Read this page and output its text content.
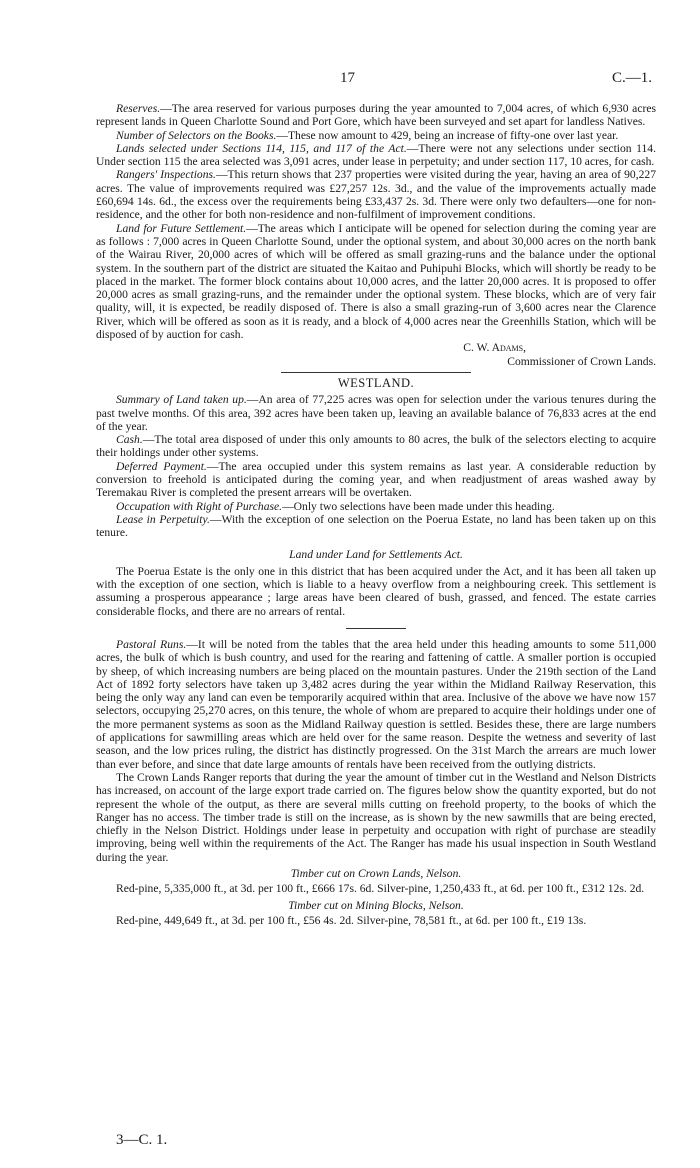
17	C.—1.

Reserves.—The area reserved for various purposes during the year amounted to 7,004 acres, of which 6,930 acres represent lands in Queen Charlotte Sound and Port Gore, which have been surveyed and set apart for landless Natives.

Number of Selectors on the Books.—These now amount to 429, being an increase of fifty-one over last year.

Lands selected under Sections 114, 115, and 117 of the Act.—There were not any selections under section 114. Under section 115 the area selected was 3,091 acres, under lease in perpetuity; and under section 117, 10 acres, for cash.

Rangers' Inspections.—This return shows that 237 properties were visited during the year, having an area of 90,227 acres. The value of improvements required was £27,257 12s. 3d., and the value of the improvements actually made £60,694 14s. 6d., the excess over the requirements being £33,437 2s. 3d. There were only two defaulters—one for non-residence, and the other for both non-residence and non-fulfilment of improvement conditions.

Land for Future Settlement.—The areas which I anticipate will be opened for selection during the coming year are as follows : 7,000 acres in Queen Charlotte Sound, under the optional system, and about 30,000 acres on the north bank of the Wairau River, 20,000 acres of which will be offered as small grazing-runs and the balance under the optional system. In the southern part of the district are situated the Kaitao and Puhipuhi Blocks, which will shortly be ready to be placed in the market. The former block contains about 10,000 acres, and the latter 20,000 acres. It is proposed to offer 20,000 acres as small grazing-runs, and the remainder under the optional system. These blocks, which are of very fair quality, will, it is expected, be readily disposed of. There is also a small grazing-run of 3,600 acres near the Clarence River, which will be offered as soon as it is ready, and a block of 4,000 acres near the Greenhills Station, which will be disposed of by auction for cash.

C. W. Adams,

Commissioner of Crown Lands.

WESTLAND.

Summary of Land taken up.—An area of 77,225 acres was open for selection under the various tenures during the past twelve months. Of this area, 392 acres have been taken up, leaving an available balance of 76,833 acres at the end of the year.

Cash.—The total area disposed of under this only amounts to 80 acres, the bulk of the selectors electing to acquire their holdings under other systems.

Deferred Payment.—The area occupied under this system remains as last year. A considerable reduction by conversion to freehold is anticipated during the coming year, and when readjustment of areas washed away by Teremakau River is completed the present arrears will be overtaken.

Occupation with Right of Purchase.—Only two selections have been made under this heading.

Lease in Perpetuity.—With the exception of one selection on the Poerua Estate, no land has been taken up on this tenure.

Land under Land for Settlements Act.

The Poerua Estate is the only one in this district that has been acquired under the Act, and it has been all taken up with the exception of one section, which is liable to a heavy overflow from a neighbouring creek. This settlement is assuming a prosperous appearance ; large areas have been cleared of bush, grassed, and fenced. The estate carries considerable flocks, and there are no arrears of rental.

Pastoral Runs.—It will be noted from the tables that the area held under this heading amounts to some 511,000 acres, the bulk of which is bush country, and used for the rearing and fattening of cattle. A smaller portion is occupied by sheep, of which increasing numbers are being placed on the mountain pastures. Under the 219th section of the Land Act of 1892 forty selectors have taken up 3,482 acres during the year within the Midland Railway Reservation, this being the only way any land can even be temporarily acquired within that area. Inclusive of the above we have now 157 selectors, occupying 25,270 acres, on this tenure, the whole of whom are prepared to acquire their holdings under one of the more permanent systems as soon as the Midland Railway question is settled. Besides these, there are large numbers of applications for sawmilling areas which are held over for the same reason. Despite the wetness and severity of last season, and the low prices ruling, the district has distinctly progressed. On the 31st March the arrears are much lower than ever before, and since that date large amounts of rentals have been received from the outlying districts.

The Crown Lands Ranger reports that during the year the amount of timber cut in the Westland and Nelson Districts has increased, on account of the large export trade carried on. The figures below show the quantity exported, but do not represent the whole of the output, as there are several mills cutting on freehold property, to the books of which the Ranger has no access. The timber trade is still on the increase, as is shown by the new sawmills that are being erected, chiefly in the Nelson District. Holdings under lease in perpetuity and occupation with right of purchase are steadily improving, being well within the requirements of the Act. The Ranger has made his usual inspection in South Westland during the year.

Timber cut on Crown Lands, Nelson.

Red-pine, 5,335,000 ft., at 3d. per 100 ft., £666 17s. 6d. Silver-pine, 1,250,433 ft., at 6d. per 100 ft., £312 12s. 2d.

Timber cut on Mining Blocks, Nelson.

Red-pine, 449,649 ft., at 3d. per 100 ft., £56 4s. 2d. Silver-pine, 78,581 ft., at 6d. per 100 ft., £19 13s.

3—C. 1.
